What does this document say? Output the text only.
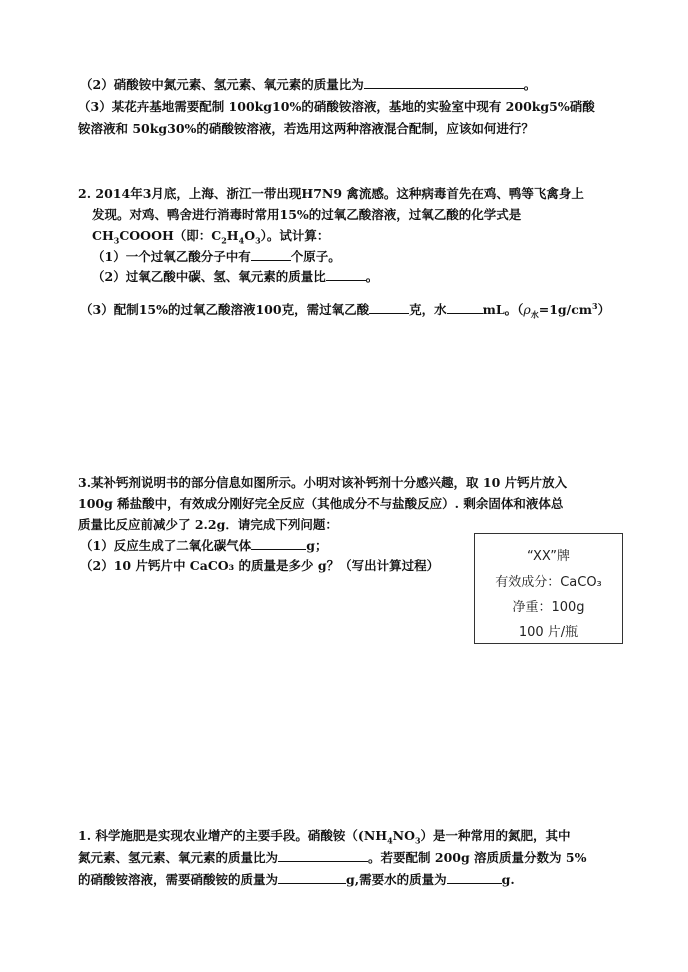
（2）硝酸铵中氮元素、氢元素、氧元素的质量比为	。
（3）某花卉基地需要配制 100kg10%的硝酸铵溶液，基地的实验室中现有 200kg5%硝酸
铵溶液和 50kg30%的硝酸铵溶液，若选用这两种溶液混合配制，应该如何进行？
2. 2014年3月底，上海、浙江一带出现H7N9 禽流感。这种病毒首先在鸡、鸭等飞禽身上
发现。对鸡、鸭舍进行消毒时常用15%的过氧乙酸溶液，过氧乙酸的化学式是
$CH_3COOOH$（即：$C_2H_4O_3$）。试计算：
（1）一个过氧乙酸分子中有	个原子。
（2）过氧乙酸中碳、氢、氧元素的质量比	。
（3）配制15%的过氧乙酸溶液100克，需过氧乙酸	克，水	mL。$(\rho_水=1g/cm^3)$
3.某补钙剂说明书的部分信息如图所示。小明对该补钙剂十分感兴趣，取 10 片钙片放入
100g 稀盐酸中，有效成分刚好完全反应（其他成分不与盐酸反应）. 剩余固体和液体总
质量比反应前减少了 2.2g．请完成下列问题：
（1）反应生成了二氧化碳气体	g；
（2）10 片钙片中 CaCO₃ 的质量是多少 g？（写出计算过程）
“XX”牌
有效成分：CaCO₃
净重：100g
100 片/瓶
1. 科学施肥是实现农业增产的主要手段。硝酸铵（$(NH_4NO_3)$是一种常用的氮肥，其中
氮元素、氢元素、氧元素的质量比为	。若要配制 200g 溶质质量分数为 5%
的硝酸铵溶液，需要硝酸铵的质量为	g,需要水的质量为	g.
